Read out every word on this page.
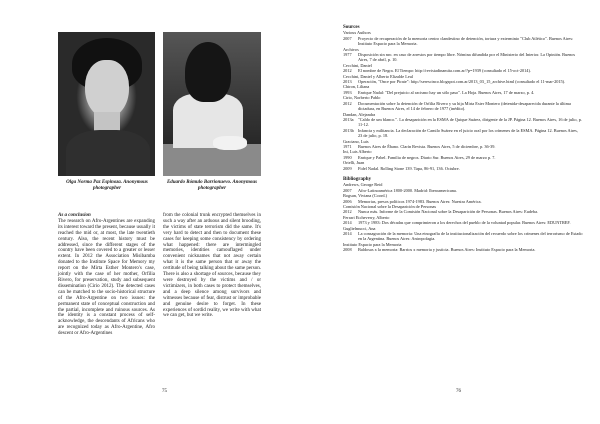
Olga Norma Paz Espinoza. Anonymous photographer
Eduardo Rómulo Barrionuevo. Anonymous photographer
As a conclusion

The research on Afro-Argentines are expanding its interest toward the present, because usually it reached the mid or, at most, the late twentieth century. Also, the recent history must be addressed, since the different stages of the country have been covered to a greater or lesser extent. In 2012 the Association Misibamba donated to the Institute Space for Memory my report on the Mirta Esther Montero's case, jointly with the case of her mother, Orfilia Rivero, for preservation, study and subsequent dissemination (Cirio 2012). The detected cases can be matched to the socio-historical structure of the Afro-Argentine on two issues: the permanent state of conceptual construction and the partial, incomplete and ruinous sources. As the identity is a constant process of self-acknowledge, the descendants of Africans who are recognized today as Afro-Argentine, Afro descent or Afro-Argentines

from the colonial trunk encrypted themselves in such a way after an arduous and silent brooding, the victims of state terrorism did the same. It's very hard to detect and then to document these cases for keeping some consistency by ordering what happened: there are intermingled memories, identities camouflaged under convenient nicknames that not away certain what it is the same person that or away the certitude of being talking about the same person. There is also a shortage of sources, because they were destroyed by the victims and / or victimizers, in both cases to protect themselves, and a deep silence among survivors and witnesses because of fear, distrust or improbable and genuine desire to forget. In these experiences of sordid reality, we write with what we can get, but we write.

75	76
Sources
Various Authors
2007	Proyecto de recuperación de la memoria centro clandestino de detención, tortura y exterminio "Club Atlético". Buenos Aires: Instituto Espacio para la Memoria.
Archivos
1977	Disposición sin nro. en caso de arrestos por tiempo libre. Nómina difundida por el Ministerio del Interior. La Opinión. Buenos Aires, 7 de abril, p. 10.
Cecchini, Daniel
2012	El nombre de Negra. El Tiempo: http://revistadinamita.com.ar/?p=1939 (consultado el 15-oct-2014).
Cecchini, Daniel y Alberto Elizalde Leal
2013	Operación, "Once por Pirate": http://serescinco.blogspot.com.ar/2013_03_15_archive.html (consultado el 11-mar-2015).
Chiron, Liliana
1993	Enrique Nadal: "Del prejuicio al racismo hay un sólo paso". La Hoja. Buenos Aires, 17 de marzo, p. 4.
Cirio, Norberto Pablo
2012	Documentación sobre la detención de Orfilia Rivero y su hija Mirta Ester Montero (detenida-desaparecida durante la última dictadura, en Buenos Aires, el 14 de febrero de 1977 (inédito).
Dandan, Alejandra
2013a	"Caldo de um blanco.". La desaparición en la ESMA de Quique Suárez, dirigente de la JP. Página 12. Buenos Aires, 16 de julio, p. 11-12.
2013b Infancia y militancia. La declaración de Camilo Suárez en el juicio oral por los crímenes de la ESMA. Página 12. Buenos Aires, 23 de julio, p. 18.
Graciano, Luis
1971	Buenos Aires de Ébano. Clarín Revista. Buenos Aires, 5 de diciembre, p. 36-39.
Ini, Luis Alberto
1990	Enrique y Pabel. Familia de negros. Diario Sur. Buenos Aires, 29 de marzo p. 7.
Ortelli, Juan
2009	Fidel Nadal. Rolling Stone 139. Tapa, 86-91, 136. Octubre.
Bibliography
Andrews, George Reid
2007	Afro-Latinoamérica 1800-2000. Madrid: Iberoamericana.
Bogsan, Viviana (Coord.)
2006	Memorias, presos políticos 1974-1983. Buenos Aires: Nuestra América.
Comisión Nacional sobre la Desaparición de Personas
2012	Nunca más. Informe de la Comisión Nacional sobre la Desaparición de Personas. Buenos Aires: Eudeba.
Ferrari Etcheverry, Alberto
2014	1973 y 1983: Dos décadas que comprimieron a los derechos del pueblo de la voluntad popular. Buenos Aires: EDUNTREF.
Guglielmucci, Ana
2014	La consagración de la memoria: Una etnografía de la institucionalización del recuerdo sobre los crímenes del terrorismo de Estado en la Argentina. Buenos Aires: Antropofagia.
Instituto Espacio para la Memoria
2008	Baldosas x la memoria: Barrios x memoria y justicia. Buenos Aires: Instituto Espacio para la Memoria.
